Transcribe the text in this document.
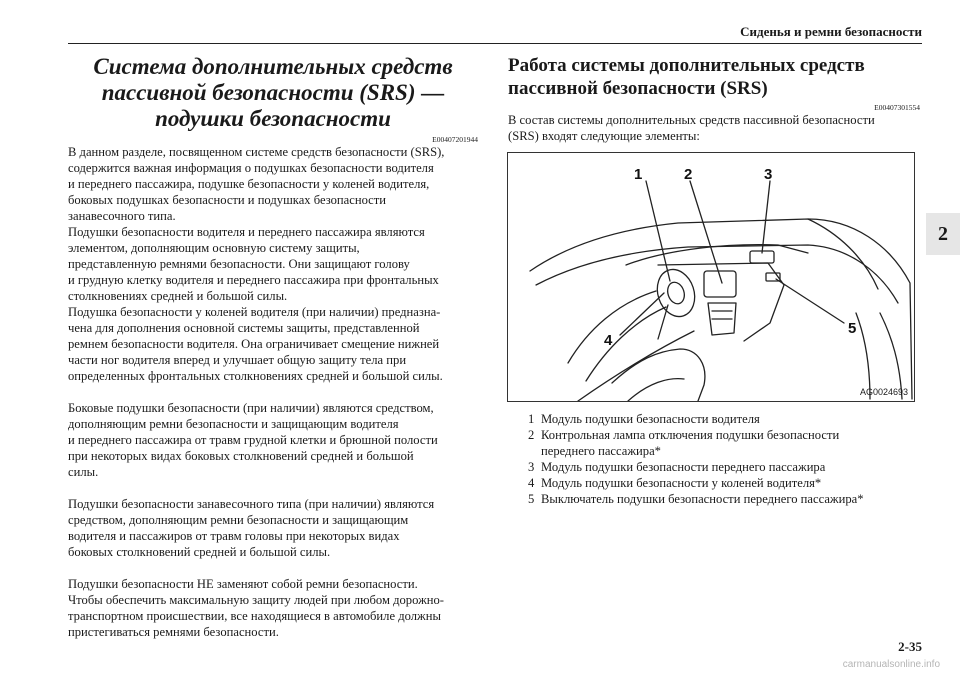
Сиденья и ремни безопасности
2
Система дополнительных средств пассивной безопасности (SRS) — подушки безопасности
E00407201944

В данном разделе, посвященном системе средств безопасности (SRS),
содержится важная информация о подушках безопасности водителя
и переднего пассажира, подушке безопасности у коленей водителя,
боковых подушках безопасности и подушках безопасности
занавесочного типа.
Подушки безопасности водителя и переднего пассажира являются
элементом, дополняющим основную систему защиты,
представленную ремнями безопасности. Они защищают голову
и грудную клетку водителя и переднего пассажира при фронтальных
столкновениях средней и большой силы.
Подушка безопасности у коленей водителя (при наличии) предназна-
чена для дополнения основной системы защиты, представленной
ремнем безопасности водителя. Она ограничивает смещение нижней
части ног водителя вперед и улучшает общую защиту тела при
определенных фронтальных столкновениях средней и большой силы.

Боковые подушки безопасности (при наличии) являются средством,
дополняющим ремни безопасности и защищающим водителя
и переднего пассажира от травм грудной клетки и брюшной полости
при некоторых видах боковых столкновений средней и большой
силы.

Подушки безопасности занавесочного типа (при наличии) являются
средством, дополняющим ремни безопасности и защищающим
водителя и пассажиров от травм головы при некоторых видах
боковых столкновений средней и большой силы.

Подушки безопасности НЕ заменяют собой ремни безопасности.
Чтобы обеспечить максимальную защиту людей при любом дорожно-
транспортном происшествии, все находящиеся в автомобиле должны
пристегиваться ремнями безопасности.

Работа системы дополнительных средств
пассивной безопасности (SRS)
E00407301554

В состав системы дополнительных средств пассивной безопасности
(SRS) входят следующие элементы:

1	2	3
4
5
AG0024693
1 Модуль подушки безопасности водителя
2 Контрольная лампа отключения подушки безопасности
переднего пассажира*
3 Модуль подушки безопасности переднего пассажира
4 Модуль подушки безопасности у коленей водителя*
5 Выключатель подушки безопасности переднего пассажира*
2-35
carmanualsonline.info
